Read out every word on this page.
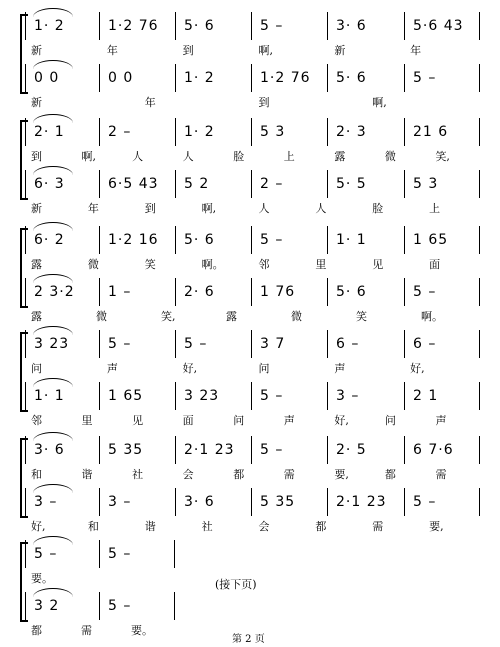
1· 2	1·2 76	5· 6	5 –	3· 6	5·6 43
新	年	到	啊,	新	年
0 0	0 0	1· 2	1·2 76	5· 6	5 –
新	年	到	啊,
2· 1	2 –	1· 2	5 3	2· 3	21 6
到	啊,	人	人	脸	上	露	微	笑,
6· 3	6·5 43	5 2	2 –	5· 5	5 3
新	年	到	啊,	人	人	脸	上
6· 2	1·2 16	5· 6	5 –	1· 1	1 65
露	微	笑	啊。	邻	里	见	面
2 3·2	1 –	2· 6	1 76	5· 6	5 –
露	微	笑,	露	微	笑	啊。
3 23	5 –	5 –	3 7	6 –	6 –
问	声	好,	问	声	好,
1· 1	1 65	3 23	5 –	3 –	2 1
邻	里	见	面	问	声	好,	问	声
3· 6	5 35	2·1 23	5 –	2· 5	6 7·6
和	谐	社	会	都	需	要,	都	需
3 –	3 –	3· 6	5 35	2·1 23	5 –
好,	和	谐	社	会	都	需	要,
5 –	5 –
要。
3 2	5 –
都	需	要。
(接下页)
第 2 页
